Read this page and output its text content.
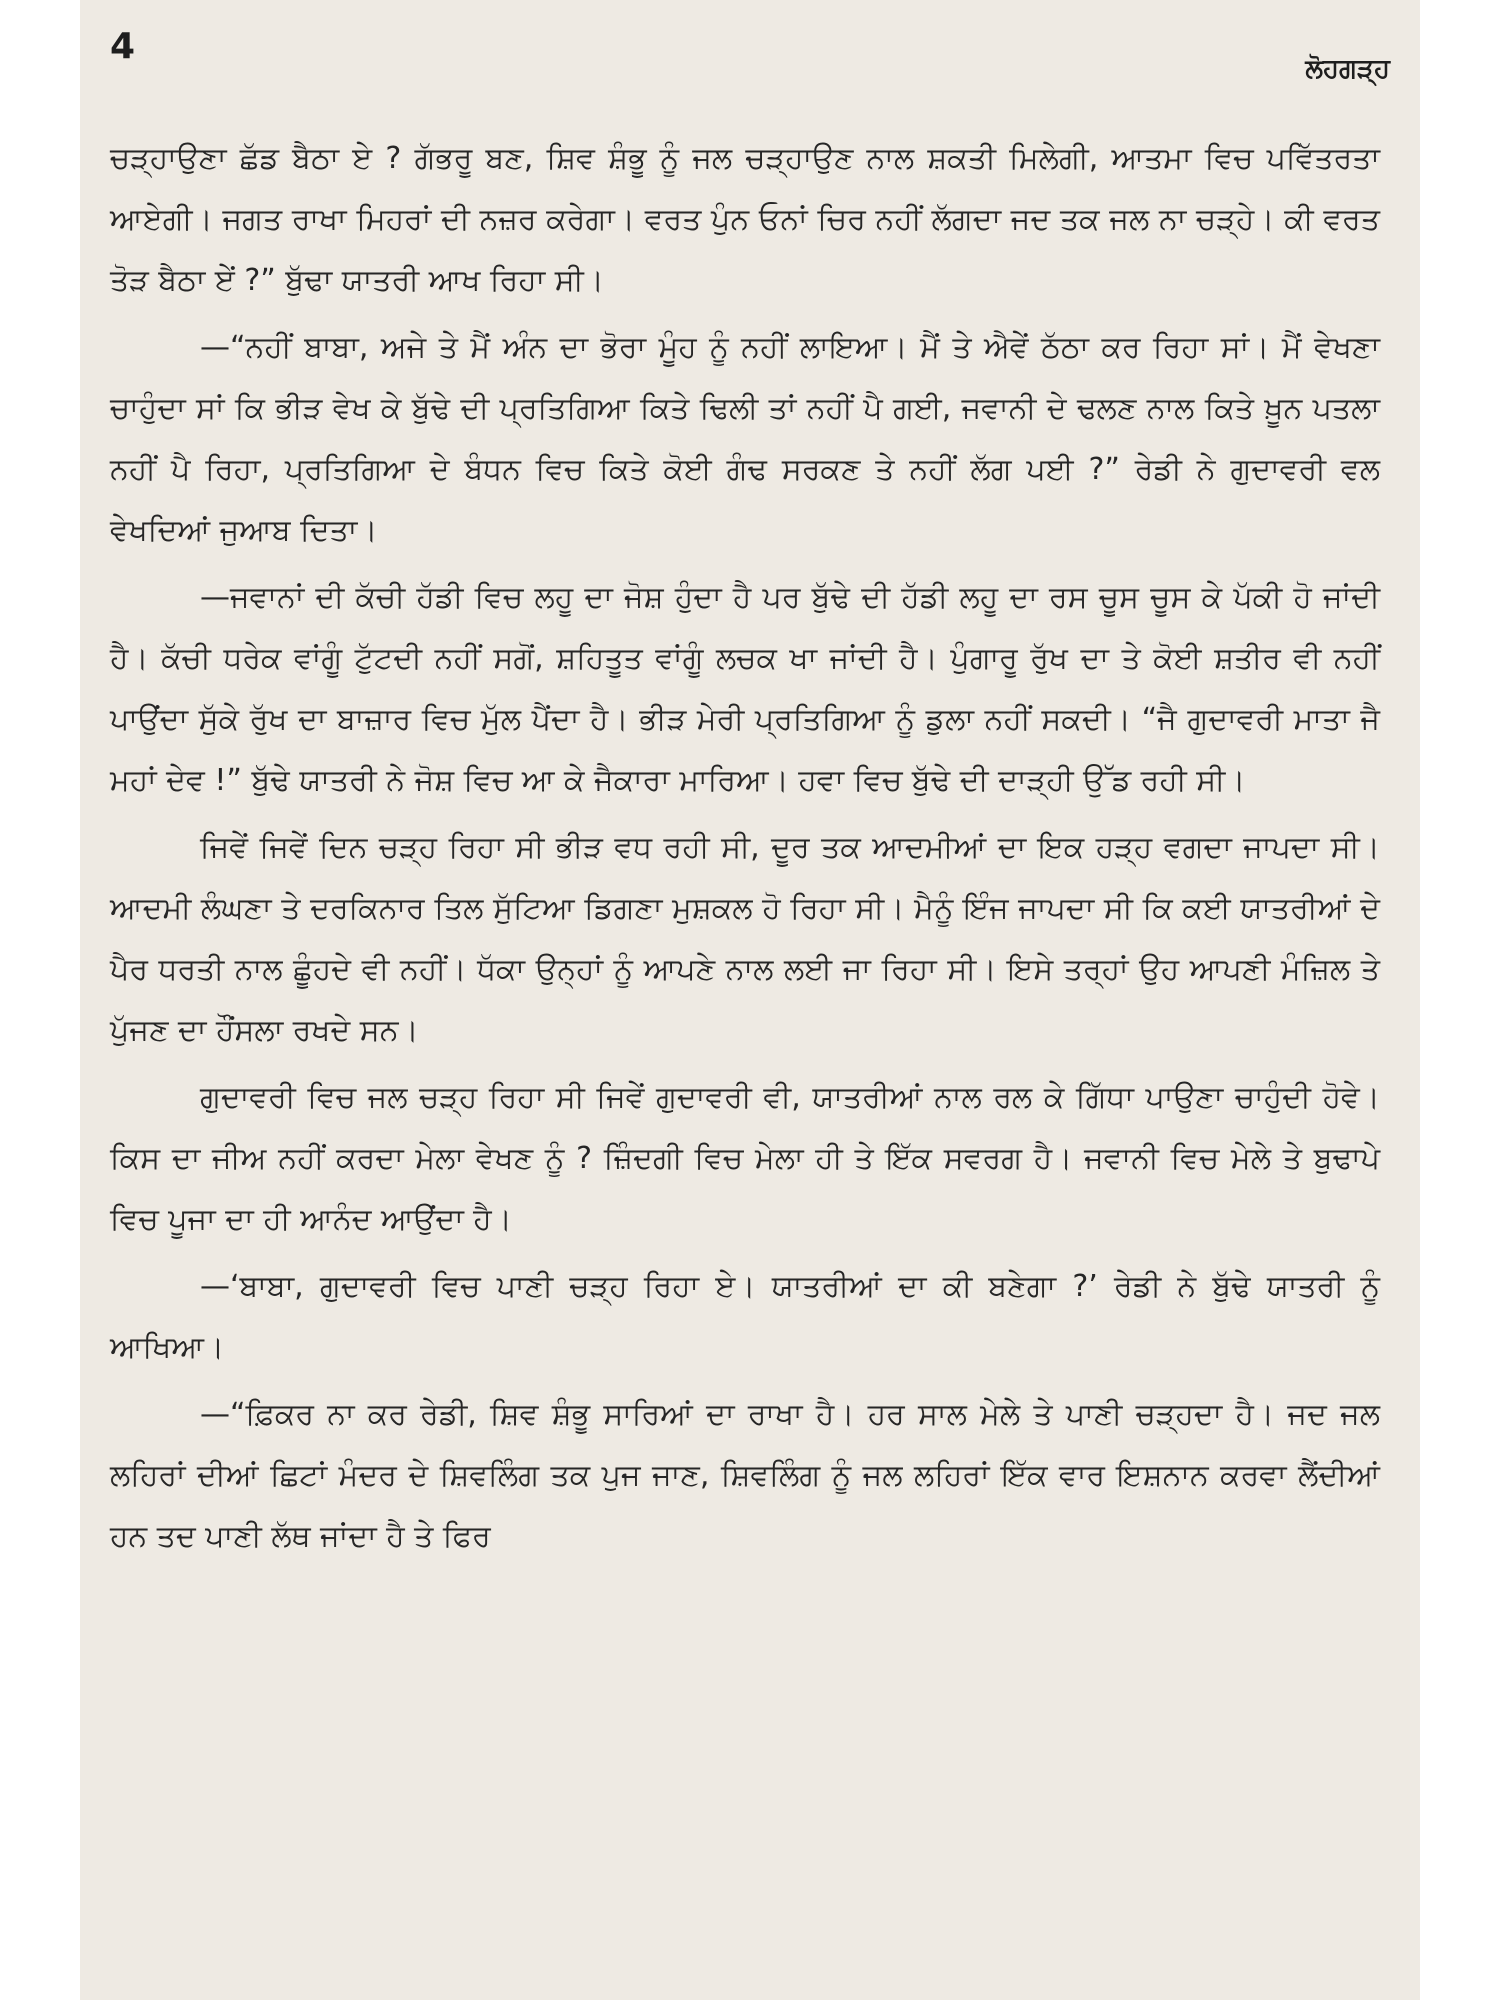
4
ਲੋਹਗੜ੍ਹ

ਚੜ੍ਹਾਉਣਾ ਛੱਡ ਬੈਠਾ ਏ ? ਗੱਭਰੂ ਬਣ, ਸ਼ਿਵ ਸ਼ੰਭੂ ਨੂੰ ਜਲ ਚੜ੍ਹਾਉਣ ਨਾਲ ਸ਼ਕਤੀ ਮਿਲੇਗੀ, ਆਤਮਾ ਵਿਚ ਪਵਿੱਤਰਤਾ ਆਏਗੀ। ਜਗਤ ਰਾਖਾ ਮਿਹਰਾਂ ਦੀ ਨਜ਼ਰ ਕਰੇਗਾ। ਵਰਤ ਪੁੰਨ ਓਨਾਂ ਚਿਰ ਨਹੀਂ ਲੱਗਦਾ ਜਦ ਤਕ ਜਲ ਨਾ ਚੜ੍ਹੇ। ਕੀ ਵਰਤ ਤੋੜ ਬੈਠਾ ਏਂ ?” ਬੁੱਢਾ ਯਾਤਰੀ ਆਖ ਰਿਹਾ ਸੀ।

—“ਨਹੀਂ ਬਾਬਾ, ਅਜੇ ਤੇ ਮੈਂ ਅੰਨ ਦਾ ਭੋਰਾ ਮੂੰਹ ਨੂੰ ਨਹੀਂ ਲਾਇਆ। ਮੈਂ ਤੇ ਐਵੇਂ ਠੱਠਾ ਕਰ ਰਿਹਾ ਸਾਂ। ਮੈਂ ਵੇਖਣਾ ਚਾਹੁੰਦਾ ਸਾਂ ਕਿ ਭੀੜ ਵੇਖ ਕੇ ਬੁੱਢੇ ਦੀ ਪ੍ਰਤਿਗਿਆ ਕਿਤੇ ਢਿਲੀ ਤਾਂ ਨਹੀਂ ਪੈ ਗਈ, ਜਵਾਨੀ ਦੇ ਢਲਣ ਨਾਲ ਕਿਤੇ ਖ਼ੂਨ ਪਤਲਾ ਨਹੀਂ ਪੈ ਰਿਹਾ, ਪ੍ਰਤਿਗਿਆ ਦੇ ਬੰਧਨ ਵਿਚ ਕਿਤੇ ਕੋਈ ਗੰਢ ਸਰਕਣ ਤੇ ਨਹੀਂ ਲੱਗ ਪਈ ?” ਰੇਡੀ ਨੇ ਗੁਦਾਵਰੀ ਵਲ ਵੇਖਦਿਆਂ ਜੁਆਬ ਦਿਤਾ।

—ਜਵਾਨਾਂ ਦੀ ਕੱਚੀ ਹੱਡੀ ਵਿਚ ਲਹੂ ਦਾ ਜੋਸ਼ ਹੁੰਦਾ ਹੈ ਪਰ ਬੁੱਢੇ ਦੀ ਹੱਡੀ ਲਹੂ ਦਾ ਰਸ ਚੂਸ ਚੂਸ ਕੇ ਪੱਕੀ ਹੋ ਜਾਂਦੀ ਹੈ। ਕੱਚੀ ਧਰੇਕ ਵਾਂਗੂੰ ਟੁੱਟਦੀ ਨਹੀਂ ਸਗੋਂ, ਸ਼ਹਿਤੂਤ ਵਾਂਗੂੰ ਲਚਕ ਖਾ ਜਾਂਦੀ ਹੈ। ਪੁੰਗਾਰੂ ਰੁੱਖ ਦਾ ਤੇ ਕੋਈ ਸ਼ਤੀਰ ਵੀ ਨਹੀਂ ਪਾਉਂਦਾ ਸੁੱਕੇ ਰੁੱਖ ਦਾ ਬਾਜ਼ਾਰ ਵਿਚ ਮੁੱਲ ਪੈਂਦਾ ਹੈ। ਭੀੜ ਮੇਰੀ ਪ੍ਰਤਿਗਿਆ ਨੂੰ ਡੁਲਾ ਨਹੀਂ ਸਕਦੀ। “ਜੈ ਗੁਦਾਵਰੀ ਮਾਤਾ ਜੈ ਮਹਾਂ ਦੇਵ !” ਬੁੱਢੇ ਯਾਤਰੀ ਨੇ ਜੋਸ਼ ਵਿਚ ਆ ਕੇ ਜੈਕਾਰਾ ਮਾਰਿਆ। ਹਵਾ ਵਿਚ ਬੁੱਢੇ ਦੀ ਦਾੜ੍ਹੀ ਉੱਡ ਰਹੀ ਸੀ।

ਜਿਵੇਂ ਜਿਵੇਂ ਦਿਨ ਚੜ੍ਹ ਰਿਹਾ ਸੀ ਭੀੜ ਵਧ ਰਹੀ ਸੀ, ਦੂਰ ਤਕ ਆਦਮੀਆਂ ਦਾ ਇਕ ਹੜ੍ਹ ਵਗਦਾ ਜਾਪਦਾ ਸੀ। ਆਦਮੀ ਲੰਘਣਾ ਤੇ ਦਰਕਿਨਾਰ ਤਿਲ ਸੁੱਟਿਆ ਡਿਗਣਾ ਮੁਸ਼ਕਲ ਹੋ ਰਿਹਾ ਸੀ। ਮੈਨੂੰ ਇੰਜ ਜਾਪਦਾ ਸੀ ਕਿ ਕਈ ਯਾਤਰੀਆਂ ਦੇ ਪੈਰ ਧਰਤੀ ਨਾਲ ਛੂੰਹਦੇ ਵੀ ਨਹੀਂ। ਧੱਕਾ ਉਨ੍ਹਾਂ ਨੂੰ ਆਪਣੇ ਨਾਲ ਲਈ ਜਾ ਰਿਹਾ ਸੀ। ਇਸੇ ਤਰ੍ਹਾਂ ਉਹ ਆਪਣੀ ਮੰਜ਼ਿਲ ਤੇ ਪੁੱਜਣ ਦਾ ਹੌਂਸਲਾ ਰਖਦੇ ਸਨ।

ਗੁਦਾਵਰੀ ਵਿਚ ਜਲ ਚੜ੍ਹ ਰਿਹਾ ਸੀ ਜਿਵੇਂ ਗੁਦਾਵਰੀ ਵੀ, ਯਾਤਰੀਆਂ ਨਾਲ ਰਲ ਕੇ ਗਿੱਧਾ ਪਾਉਣਾ ਚਾਹੁੰਦੀ ਹੋਵੇ। ਕਿਸ ਦਾ ਜੀਅ ਨਹੀਂ ਕਰਦਾ ਮੇਲਾ ਵੇਖਣ ਨੂੰ ? ਜ਼ਿੰਦਗੀ ਵਿਚ ਮੇਲਾ ਹੀ ਤੇ ਇੱਕ ਸਵਰਗ ਹੈ। ਜਵਾਨੀ ਵਿਚ ਮੇਲੇ ਤੇ ਬੁਢਾਪੇ ਵਿਚ ਪੂਜਾ ਦਾ ਹੀ ਆਨੰਦ ਆਉਂਦਾ ਹੈ।

—‘ਬਾਬਾ, ਗੁਦਾਵਰੀ ਵਿਚ ਪਾਣੀ ਚੜ੍ਹ ਰਿਹਾ ਏ। ਯਾਤਰੀਆਂ ਦਾ ਕੀ ਬਣੇਗਾ ?’ ਰੇਡੀ ਨੇ ਬੁੱਢੇ ਯਾਤਰੀ ਨੂੰ ਆਖਿਆ।

—“ਫ਼ਿਕਰ ਨਾ ਕਰ ਰੇਡੀ, ਸ਼ਿਵ ਸ਼ੰਭੂ ਸਾਰਿਆਂ ਦਾ ਰਾਖਾ ਹੈ। ਹਰ ਸਾਲ ਮੇਲੇ ਤੇ ਪਾਣੀ ਚੜ੍ਹਦਾ ਹੈ। ਜਦ ਜਲ ਲਹਿਰਾਂ ਦੀਆਂ ਛਿਟਾਂ ਮੰਦਰ ਦੇ ਸ਼ਿਵਲਿੰਗ ਤਕ ਪੁਜ ਜਾਣ, ਸ਼ਿਵਲਿੰਗ ਨੂੰ ਜਲ ਲਹਿਰਾਂ ਇੱਕ ਵਾਰ ਇਸ਼ਨਾਨ ਕਰਵਾ ਲੈਂਦੀਆਂ ਹਨ ਤਦ ਪਾਣੀ ਲੱਥ ਜਾਂਦਾ ਹੈ ਤੇ ਫਿਰ
